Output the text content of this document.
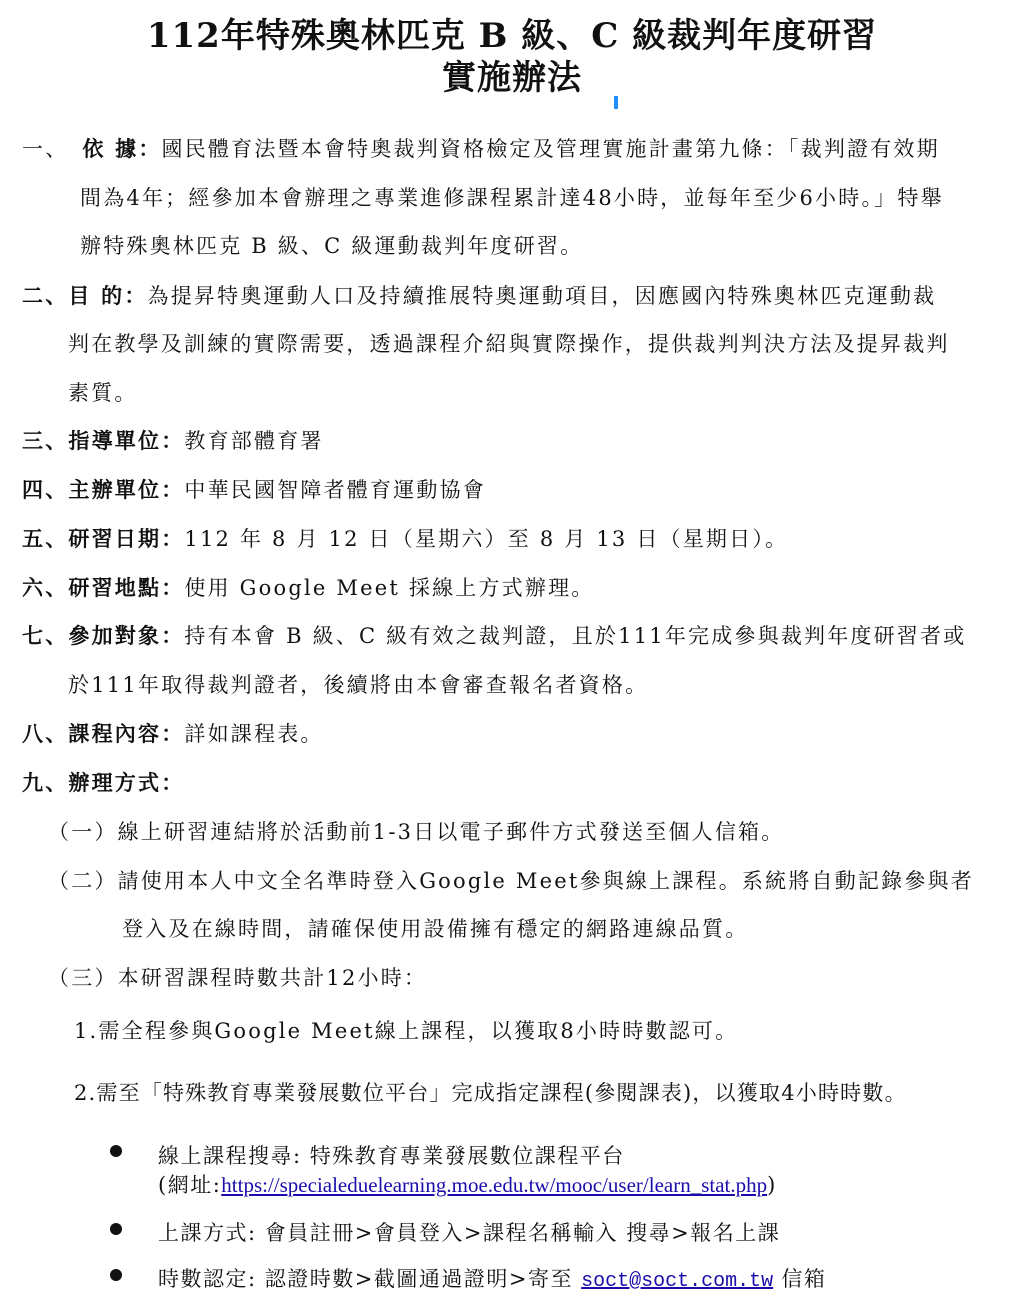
112年特殊奧林匹克 B 級、C 級裁判年度研習
實施辦法
一、 依 據：國民體育法暨本會特奧裁判資格檢定及管理實施計畫第九條：「裁判證有效期
間為4年；經參加本會辦理之專業進修課程累計達48小時，並每年至少6小時。」特舉
辦特殊奧林匹克 B 級、C 級運動裁判年度研習。
二、目 的：為提昇特奧運動人口及持續推展特奧運動項目，因應國內特殊奧林匹克運動裁
判在教學及訓練的實際需要，透過課程介紹與實際操作，提供裁判判決方法及提昇裁判
素質。
三、指導單位：教育部體育署
四、主辦單位：中華民國智障者體育運動協會
五、研習日期：112 年 8 月 12 日（星期六）至 8 月 13 日（星期日）。
六、研習地點：使用 Google Meet 採線上方式辦理。
七、參加對象：持有本會 B 級、C 級有效之裁判證，且於111年完成參與裁判年度研習者或
於111年取得裁判證者，後續將由本會審查報名者資格。
八、課程內容：詳如課程表。
九、辦理方式：
（一）線上研習連結將於活動前1-3日以電子郵件方式發送至個人信箱。
（二）請使用本人中文全名準時登入Google Meet參與線上課程。系統將自動記錄參與者
登入及在線時間，請確保使用設備擁有穩定的網路連線品質。
（三）本研習課程時數共計12小時：
1.需全程參與Google Meet線上課程，以獲取8小時時數認可。
2.需至「特殊教育專業發展數位平台」完成指定課程(參閱課表)，以獲取4小時時數。
線上課程搜尋: 特殊教育專業發展數位課程平台
(網址:https://specialeduelearning.moe.edu.tw/mooc/user/learn_stat.php)
上課方式: 會員註冊>會員登入>課程名稱輸入 搜尋>報名上課
時數認定: 認證時數>截圖通過證明>寄至 soct@soct.com.tw 信箱
